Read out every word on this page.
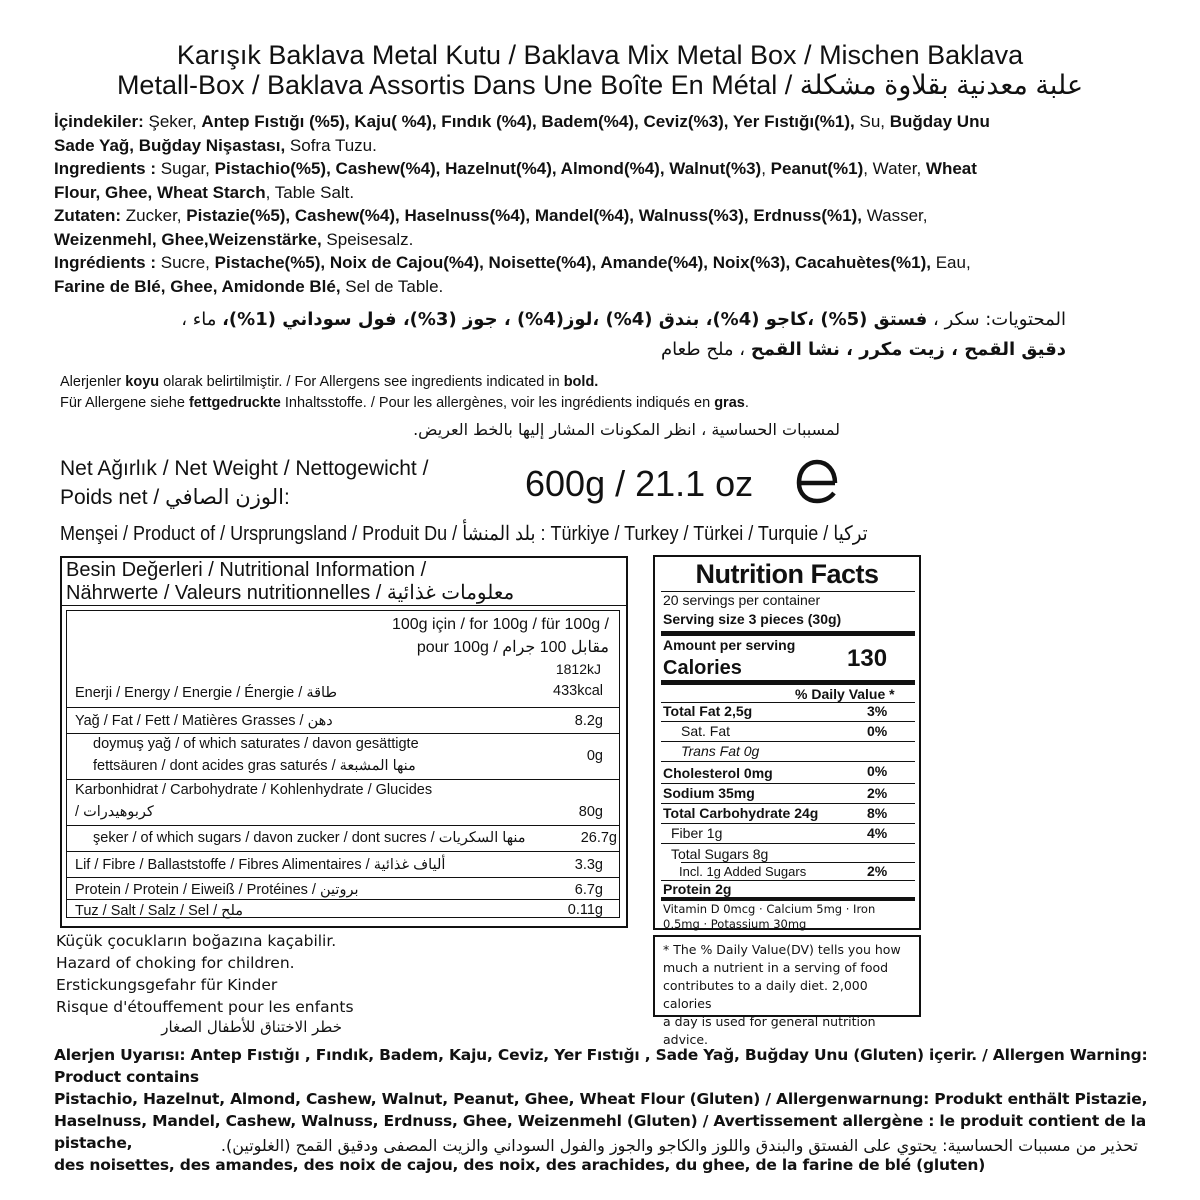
Karışık Baklava Metal Kutu / Baklava Mix Metal Box / Mischen Baklava
Metall-Box / Baklava Assortis Dans Une Boîte En Métal / علبة معدنية بقلاوة مشكلة

İçindekiler: Şeker, Antep Fıstığı (%5), Kaju( %4), Fındık (%4), Badem(%4), Ceviz(%3), Yer Fıstığı(%1), Su, Buğday Unu
Sade Yağ, Buğday Nişastası, Sofra Tuzu.

Ingredients : Sugar, Pistachio(%5), Cashew(%4), Hazelnut(%4), Almond(%4), Walnut(%3), Peanut(%1), Water, Wheat
Flour, Ghee, Wheat Starch, Table Salt.

Zutaten: Zucker, Pistazie(%5), Cashew(%4), Haselnuss(%4), Mandel(%4), Walnuss(%3), Erdnuss(%1), Wasser,
Weizenmehl, Ghee,Weizenstärke, Speisesalz.

Ingrédients : Sucre, Pistache(%5), Noix de Cajou(%4), Noisette(%4), Amande(%4), Noix(%3), Cacahuètes(%1), Eau,
Farine de Blé, Ghee, Amidonde Blé, Sel de Table.

المحتويات: سكر ، فستق (5%) ،كاجو (4%)، بندق (4%) ،لوز(4%) ، جوز (3%)، فول سوداني (1%)، ماء ،

دقيق القمح ، زيت مكرر ، نشا القمح ، ملح طعام

Alerjenler koyu olarak belirtilmiştir. / For Allergens see ingredients indicated in bold.

Für Allergene siehe fettgedruckte Inhaltsstoffe. / Pour les allergènes, voir les ingrédients indiqués en gras.

لمسببات الحساسية ، انظر المكونات المشار إليها بالخط العريض.

Net Ağırlık / Net Weight / Nettogewicht /

Poids net / الوزن الصافي:	600g / 21.1 oz
Menşei / Product of / Ursprungsland / Produit Du / بلد المنشأ : Türkiye / Turkey / Türkei / Turquie / تركيا

Besin Değerleri / Nutritional Information /

Nährwerte / Valeurs nutritionnelles / معلومات غذائية

100g için / for 100g / für 100g /

pour 100g / مقابل 100 جرام

1812kJ
Enerji / Energy / Energie / Énergie / طاقة	433kcal
Yağ / Fat / Fett / Matières Grasses / دهن	8.2g
doymuş yağ / of which saturates / davon gesättigte
fettsäuren / dont acides gras saturés / منها المشبعة
0g
Karbonhidrat / Carbohydrate / Kohlenhydrate / Glucides
/ كربوهيدرات	80g
şeker / of which sugars / davon zucker / dont sucres / منها السكريات	26.7g
Lif / Fibre / Ballaststoffe / Fibres Alimentaires / ألياف غذائية	3.3g
Protein / Protein / Eiweiß / Protéines / بروتين	6.7g
Tuz / Salt / Salz / Sel / ملح	0.11g
Nutrition Facts
20 servings per container
Serving size 3 pieces (30g)
Amount per serving
Calories	130
% Daily Value *
Total Fat 2,5g	3%
Sat. Fat	0%
Trans Fat 0g
Cholesterol 0mg	0%
Sodium 35mg	2%
Total Carbohydrate 24g	8%
Fiber 1g	4%
Total Sugars 8g
Incl. 1g Added Sugars	2%
Protein 2g
Vitamin D 0mcg · Calcium 5mg · Iron
0,5mg · Potassium 30mg
* The % Daily Value(DV) tells you how
much a nutrient in a serving of food
contributes to a daily diet. 2,000 calories
a day is used for general nutrition advice.

Küçük çocukların boğazına kaçabilir.

Hazard of choking for children.

Erstickungsgefahr für Kinder

Risque d'étouffement pour les enfants

خطر الاختناق للأطفال الصغار

Alerjen Uyarısı: Antep Fıstığı , Fındık, Badem, Kaju, Ceviz, Yer Fıstığı , Sade Yağ, Buğday Unu (Gluten) içerir. / Allergen Warning: Product contains

Pistachio, Hazelnut, Almond, Cashew, Walnut, Peanut, Ghee, Wheat Flour (Gluten) / Allergenwarnung: Produkt enthält Pistazie,

Haselnuss, Mandel, Cashew, Walnuss, Erdnuss, Ghee, Weizenmehl (Gluten) / Avertissement allergène : le produit contient de la pistache,

des noisettes, des amandes, des noix de cajou, des noix, des arachides, du ghee, de la farine de blé (gluten)

تحذير من مسببات الحساسية: يحتوي على الفستق والبندق واللوز والكاجو والجوز والفول السوداني والزيت المصفى ودقيق القمح (الغلوتين).
